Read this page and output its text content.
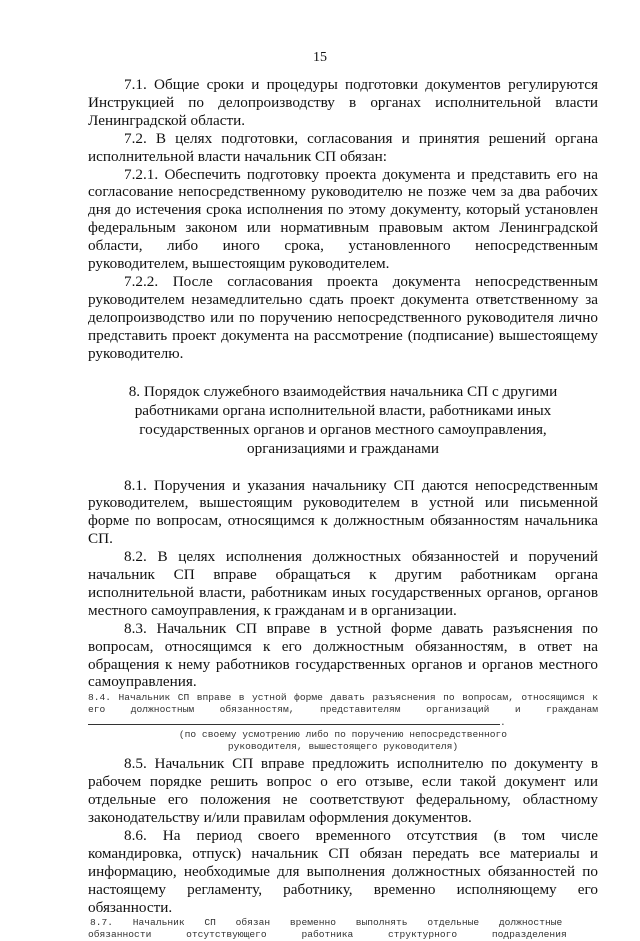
15

7.1. Общие сроки и процедуры подготовки документов регулируются Инструкцией по делопроизводству в органах исполнительной власти Ленинградской области.

7.2. В целях подготовки, согласования и принятия решений органа исполнительной власти начальник СП обязан:

7.2.1. Обеспечить подготовку проекта документа и представить его на согласование непосредственному руководителю не позже чем за два рабочих дня до истечения срока исполнения по этому документу, который установлен федеральным законом или нормативным правовым актом Ленинградской области, либо иного срока, установленного непосредственным руководителем, вышестоящим руководителем.

7.2.2. После согласования проекта документа непосредственным руководителем незамедлительно сдать проект документа ответственному за делопроизводство или по поручению непосредственного руководителя лично представить проект документа на рассмотрение (подписание) вышестоящему руководителю.

8. Порядок служебного взаимодействия начальника СП с другими работниками органа исполнительной власти, работниками иных государственных органов и органов местного самоуправления, организациями и гражданами

8.1. Поручения и указания начальнику СП даются непосредственным руководителем, вышестоящим руководителем в устной или письменной форме по вопросам, относящимся к должностным обязанностям начальника СП.

8.2. В целях исполнения должностных обязанностей и поручений начальник СП вправе обращаться к другим работникам органа исполнительной власти, работникам иных государственных органов, органов местного самоуправления, к гражданам и в организации.

8.3. Начальник СП вправе в устной форме давать разъяснения по вопросам, относящимся к его должностным обязанностям, в ответ на обращения к нему работников государственных органов и органов местного самоуправления.

8.4. Начальник СП вправе в устной форме давать разъяснения по вопросам, относящимся к его должностным обязанностям, представителям организаций и гражданам .

(по своему усмотрению либо по поручению непосредственного
руководителя, вышестоящего руководителя)

8.5. Начальник СП вправе предложить исполнителю по документу в рабочем порядке решить вопрос о его отзыве, если такой документ или отдельные его положения не соответствуют федеральному, областному законодательству и/или правилам оформления документов.

8.6. На период своего временного отсутствия (в том числе командировка, отпуск) начальник СП обязан передать все материалы и информацию, необходимые для выполнения должностных обязанностей по настоящему регламенту, работнику, временно исполняющему его обязанности.

8.7. Начальник СП обязан временно выполнять отдельные должностные
обязанности отсутствующего работника структурного подразделения
